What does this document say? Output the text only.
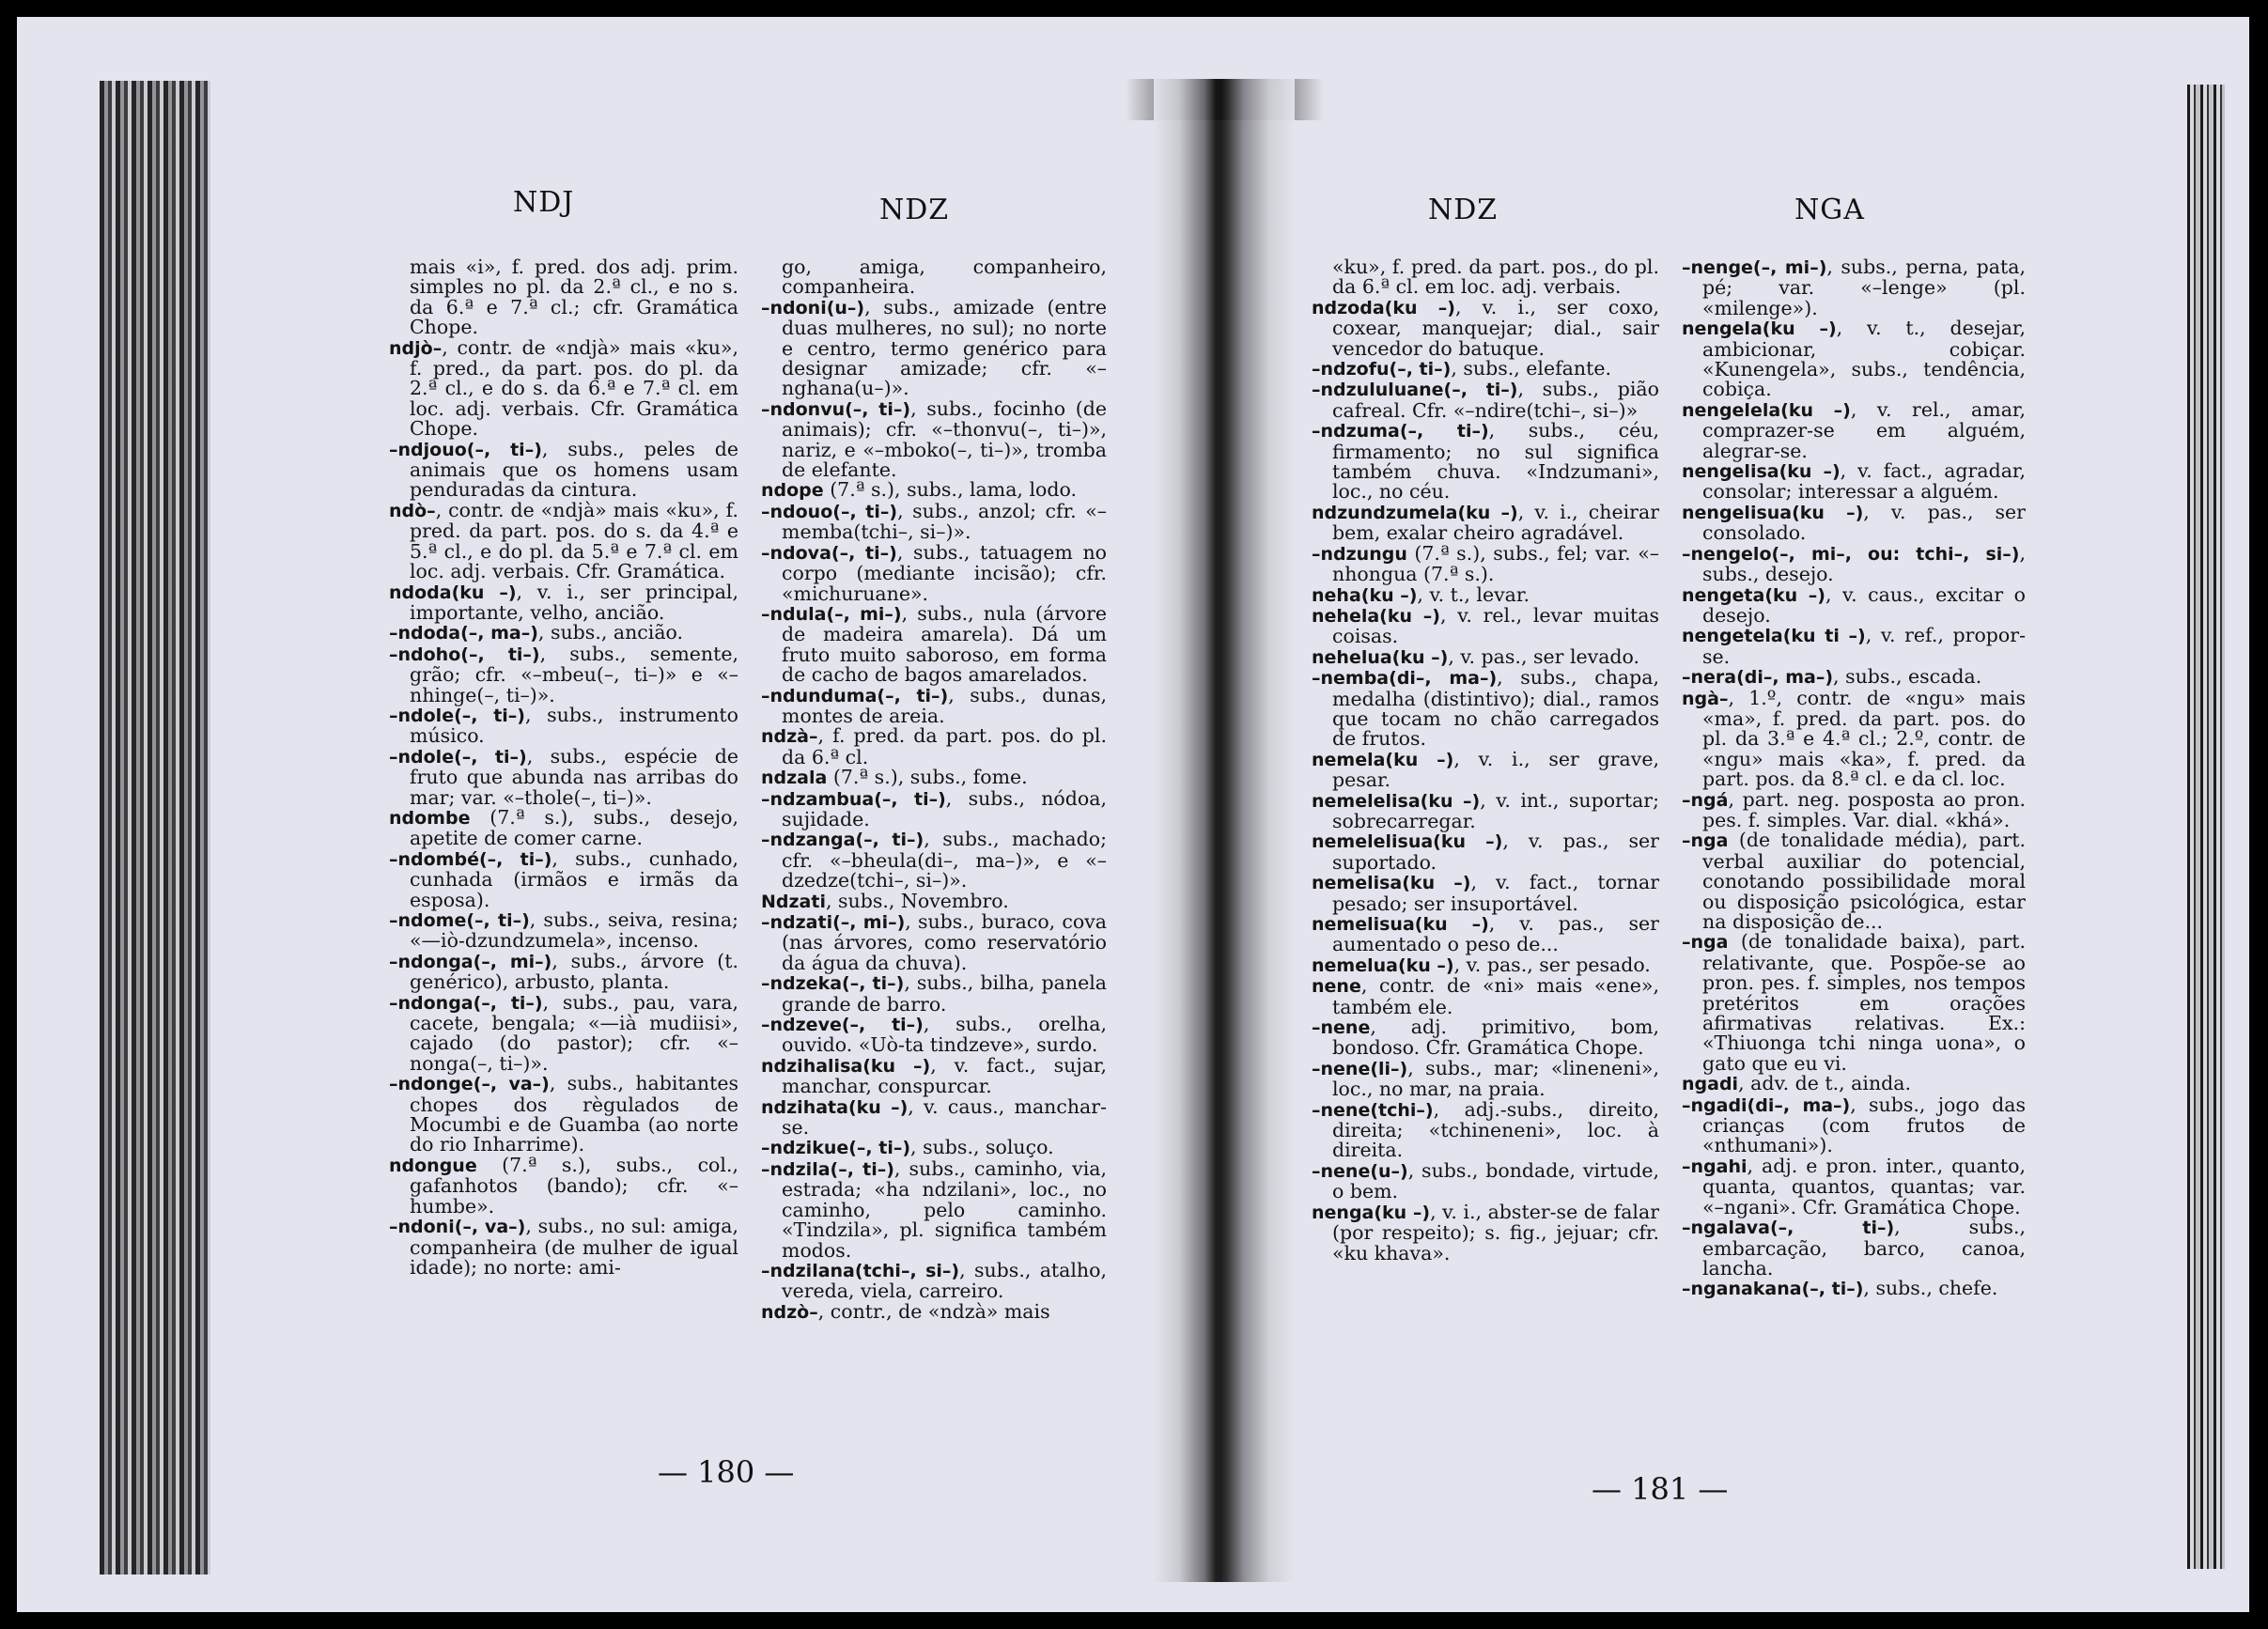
NDJ	NDZ

mais «i», f. pred. dos adj. prim. simples no pl. da 2.ª cl., e no s. da 6.ª e 7.ª cl.; cfr. Gramática Chope.

ndjò–, contr. de «ndjà» mais «ku», f. pred., da part. pos. do pl. da 2.ª cl., e do s. da 6.ª e 7.ª cl. em loc. adj. verbais. Cfr. Gramática Chope.

–ndjouo(–, ti–), subs., peles de animais que os homens usam penduradas da cintura.

ndò–, contr. de «ndjà» mais «ku», f. pred. da part. pos. do s. da 4.ª e 5.ª cl., e do pl. da 5.ª e 7.ª cl. em loc. adj. verbais. Cfr. Gramática.

ndoda(ku –), v. i., ser principal, importante, velho, ancião.

–ndoda(–, ma–), subs., ancião.

–ndoho(–, ti–), subs., semente, grão; cfr. «–mbeu(–, ti–)» e «–nhinge(–, ti–)».

–ndole(–, ti–), subs., instrumento músico.

–ndole(–, ti–), subs., espécie de fruto que abunda nas arribas do mar; var. «–thole(–, ti–)».

ndombe (7.ª s.), subs., desejo, apetite de comer carne.

–ndombé(–, ti–), subs., cunhado, cunhada (irmãos e irmãs da esposa).

–ndome(–, ti–), subs., seiva, resina; «—iò-dzundzumela», incenso.

–ndonga(–, mi–), subs., árvore (t. genérico), arbusto, planta.

–ndonga(–, ti–), subs., pau, vara, cacete, bengala; «—ià mudiisi», cajado (do pastor); cfr. «–nonga(–, ti–)».

–ndonge(–, va–), subs., habitantes chopes dos règulados de Mocumbi e de Guamba (ao norte do rio Inharrime).

ndongue (7.ª s.), subs., col., gafanhotos (bando); cfr. «–humbe».

–ndoni(–, va–), subs., no sul: amiga, companheira (de mulher de igual idade); no norte: ami-

go, amiga, companheiro, companheira.

–ndoni(u–), subs., amizade (entre duas mulheres, no sul); no norte e centro, termo genérico para designar amizade; cfr. «–nghana(u–)».

–ndonvu(–, ti–), subs., focinho (de animais); cfr. «–thonvu(–, ti–)», nariz, e «–mboko(–, ti–)», tromba de elefante.

ndope (7.ª s.), subs., lama, lodo.

–ndouo(–, ti–), subs., anzol; cfr. «–memba(tchi–, si–)».

–ndova(–, ti–), subs., tatuagem no corpo (mediante incisão); cfr. «michuruane».

–ndula(–, mi–), subs., nula (árvore de madeira amarela). Dá um fruto muito saboroso, em forma de cacho de bagos amarelados.

–ndunduma(–, ti–), subs., dunas, montes de areia.

ndzà–, f. pred. da part. pos. do pl. da 6.ª cl.

ndzala (7.ª s.), subs., fome.

–ndzambua(–, ti–), subs., nódoa, sujidade.

–ndzanga(–, ti–), subs., machado; cfr. «–bheula(di–, ma–)», e «–dzedze(tchi–, si–)».

Ndzati, subs., Novembro.

–ndzati(–, mi–), subs., buraco, cova (nas árvores, como reservatório da água da chuva).

–ndzeka(–, ti–), subs., bilha, panela grande de barro.

–ndzeve(–, ti–), subs., orelha, ouvido. «Uò-ta tindzeve», surdo.

ndzihalisa(ku –), v. fact., sujar, manchar, conspurcar.

ndzihata(ku –), v. caus., manchar-se.

–ndzikue(–, ti–), subs., soluço.

–ndzila(–, ti–), subs., caminho, via, estrada; «ha ndzilani», loc., no caminho, pelo caminho. «Tindzila», pl. significa também modos.

–ndzilana(tchi–, si–), subs., atalho, vereda, viela, carreiro.

ndzò–, contr., de «ndzà» mais

— 180 —
NDZ	NGA

«ku», f. pred. da part. pos., do pl. da 6.ª cl. em loc. adj. verbais.

ndzoda(ku –), v. i., ser coxo, coxear, manquejar; dial., sair vencedor do batuque.

–ndzofu(–, ti–), subs., elefante.

–ndzululuane(–, ti–), subs., pião cafreal. Cfr. «–ndire(tchi–, si–)»

–ndzuma(–, ti–), subs., céu, firmamento; no sul significa também chuva. «Indzumani», loc., no céu.

ndzundzumela(ku –), v. i., cheirar bem, exalar cheiro agradável.

–ndzungu (7.ª s.), subs., fel; var. «–nhongua (7.ª s.).

neha(ku –), v. t., levar.

nehela(ku –), v. rel., levar muitas coisas.

nehelua(ku –), v. pas., ser levado.

–nemba(di–, ma–), subs., chapa, medalha (distintivo); dial., ramos que tocam no chão carregados de frutos.

nemela(ku –), v. i., ser grave, pesar.

nemelelisa(ku –), v. int., suportar; sobrecarregar.

nemelelisua(ku –), v. pas., ser suportado.

nemelisa(ku –), v. fact., tornar pesado; ser insuportável.

nemelisua(ku –), v. pas., ser aumentado o peso de...

nemelua(ku –), v. pas., ser pesado.

nene, contr. de «ni» mais «ene», também ele.

–nene, adj. primitivo, bom, bondoso. Cfr. Gramática Chope.

–nene(li–), subs., mar; «lineneni», loc., no mar, na praia.

–nene(tchi–), adj.-subs., direito, direita; «tchineneni», loc. à direita.

–nene(u–), subs., bondade, virtude, o bem.

nenga(ku –), v. i., abster-se de falar (por respeito); s. fig., jejuar; cfr. «ku khava».

–nenge(–, mi–), subs., perna, pata, pé; var. «–lenge» (pl. «milenge»).

nengela(ku –), v. t., desejar, ambicionar, cobiçar. «Kunengela», subs., tendência, cobiça.

nengelela(ku –), v. rel., amar, comprazer-se em alguém, alegrar-se.

nengelisa(ku –), v. fact., agradar, consolar; interessar a alguém.

nengelisua(ku –), v. pas., ser consolado.

–nengelo(–, mi–, ou: tchi–, si–), subs., desejo.

nengeta(ku –), v. caus., excitar o desejo.

nengetela(ku ti –), v. ref., propor-se.

–nera(di–, ma–), subs., escada.

ngà–, 1.º, contr. de «ngu» mais «ma», f. pred. da part. pos. do pl. da 3.ª e 4.ª cl.; 2.º, contr. de «ngu» mais «ka», f. pred. da part. pos. da 8.ª cl. e da cl. loc.

–ngá, part. neg. posposta ao pron. pes. f. simples. Var. dial. «khá».

–nga (de tonalidade média), part. verbal auxiliar do potencial, conotando possibilidade moral ou disposição psicológica, estar na disposição de...

–nga (de tonalidade baixa), part. relativante, que. Pospõe-se ao pron. pes. f. simples, nos tempos pretéritos em orações afirmativas relativas. Ex.: «Thiuonga tchi ninga uona», o gato que eu vi.

ngadi, adv. de t., ainda.

–ngadi(di–, ma–), subs., jogo das crianças (com frutos de «nthumani»).

–ngahi, adj. e pron. inter., quanto, quanta, quantos, quantas; var. «–ngani». Cfr. Gramática Chope.

–ngalava(–, ti–), subs., embarcação, barco, canoa, lancha.

–nganakana(–, ti–), subs., chefe.

— 181 —
